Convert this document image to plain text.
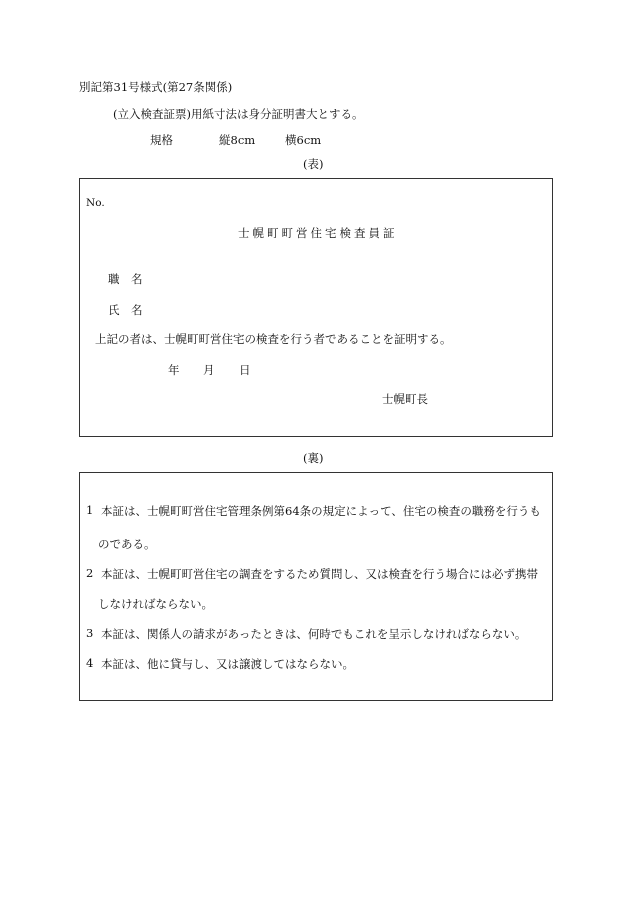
別記第31号様式(第27条関係)
(立入検査証票)用紙寸法は身分証明書大とする。
規格	縦8cm	横6cm
(表)
No.
士幌町町営住宅検査員証
職　名
氏　名
上記の者は、士幌町町営住宅の検査を行う者であることを証明する。
年 月 日
士幌町長
(裏)
1 本証は、士幌町町営住宅管理条例第64条の規定によって、住宅の検査の職務を行うも
のである。
2 本証は、士幌町町営住宅の調査をするため質問し、又は検査を行う場合には必ず携帯
しなければならない。
3 本証は、関係人の請求があったときは、何時でもこれを呈示しなければならない。
4 本証は、他に貸与し、又は譲渡してはならない。
